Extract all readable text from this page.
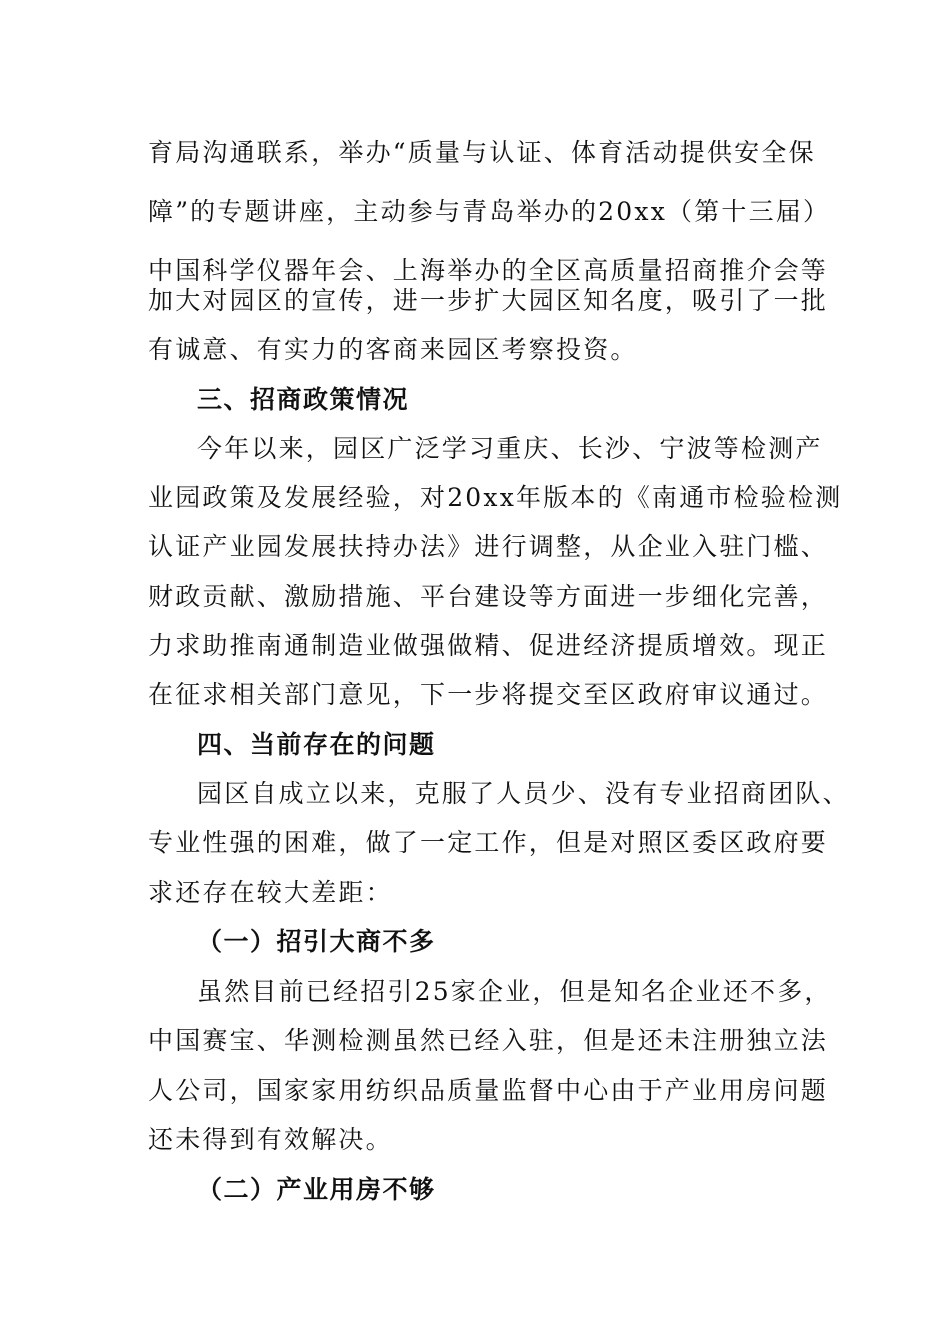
育局沟通联系，举办“质量与认证、体育活动提供安全保
障”的专题讲座，主动参与青岛举办的20xx（第十三届）
中国科学仪器年会、上海举办的全区高质量招商推介会等
加大对园区的宣传，进一步扩大园区知名度，吸引了一批
有诚意、有实力的客商来园区考察投资。
三、招商政策情况
今年以来，园区广泛学习重庆、长沙、宁波等检测产
业园政策及发展经验，对20xx年版本的《南通市检验检测
认证产业园发展扶持办法》进行调整，从企业入驻门槛、
财政贡献、激励措施、平台建设等方面进一步细化完善，
力求助推南通制造业做强做精、促进经济提质增效。现正
在征求相关部门意见，下一步将提交至区政府审议通过。
四、当前存在的问题
园区自成立以来，克服了人员少、没有专业招商团队、
专业性强的困难，做了一定工作，但是对照区委区政府要
求还存在较大差距：
（一）招引大商不多
虽然目前已经招引25家企业，但是知名企业还不多，
中国赛宝、华测检测虽然已经入驻，但是还未注册独立法
人公司，国家家用纺织品质量监督中心由于产业用房问题
还未得到有效解决。
（二）产业用房不够
